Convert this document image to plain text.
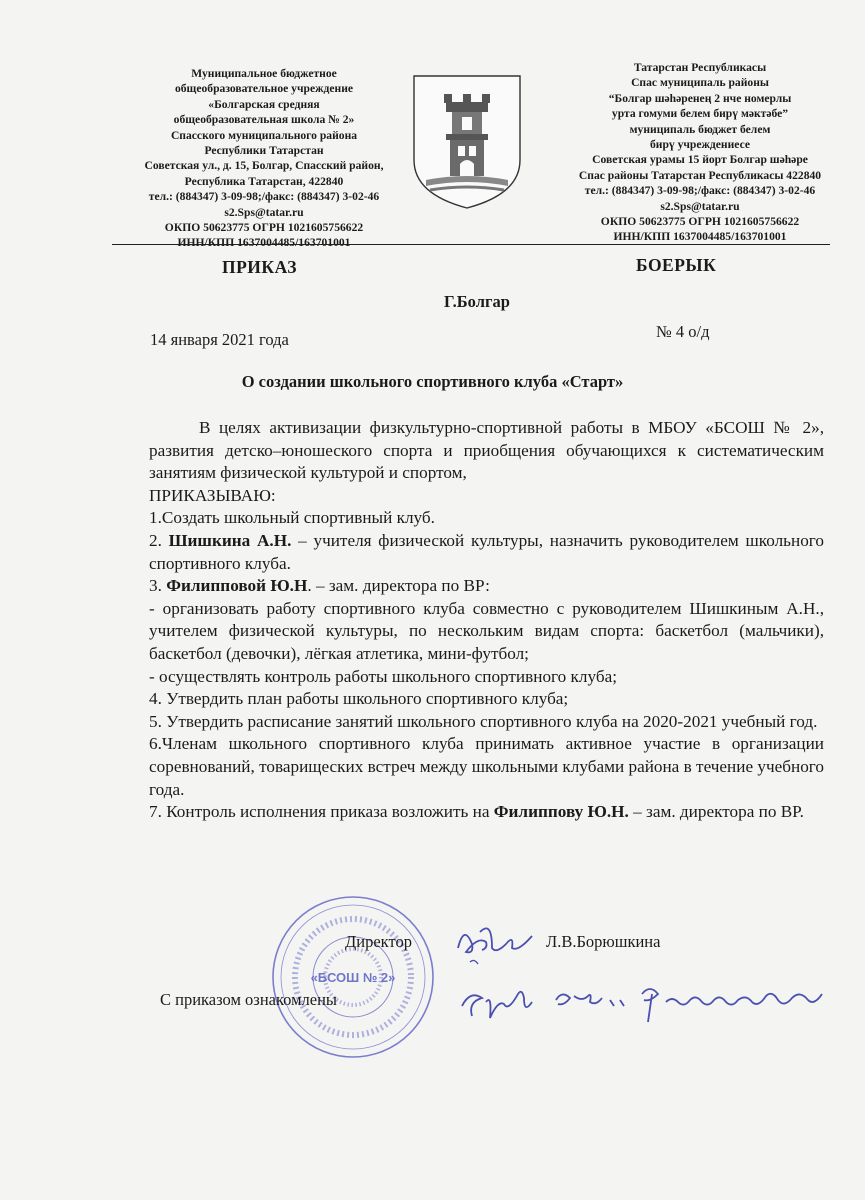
Муниципальное бюджетное
общеобразовательное учреждение
«Болгарская средняя
общеобразовательная школа № 2»
Спасского муниципального района
Республики Татарстан
Советская ул., д. 15, Болгар, Спасский район,
Республика Татарстан, 422840
тел.: (884347) 3-09-98;/факс: (884347) 3-02-46
s2.Sps@tatar.ru
ОКПО 50623775 ОГРН 1021605756622
ИНН/КПП 1637004485/163701001
Татарстан Республикасы
Спас муниципаль районы
“Болгар шәһәренең 2 нче номерлы
урта гомуми белем бирү мәктәбе”
муниципаль бюджет белем
бирү учреждениесе
Советская урамы 15 йорт Болгар шәһәре
Спас районы Татарстан Республикасы 422840
тел.: (884347) 3-09-98;/факс: (884347) 3-02-46
s2.Sps@tatar.ru
ОКПО 50623775 ОГРН 1021605756622
ИНН/КПП 1637004485/163701001
ПРИКАЗ	БОЕРЫК
Г.Болгар
14 января 2021 года	№ 4 о/д
О создании школьного спортивного клуба «Старт»

В целях активизации физкультурно-спортивной работы в МБОУ «БСОШ № 2», развития детско–юношеского спорта и приобщения обучающихся к систематическим занятиям физической культурой и спортом,

ПРИКАЗЫВАЮ:

1.Создать школьный спортивный клуб.

2. Шишкина А.Н. – учителя физической культуры, назначить руководителем школьного спортивного клуба.

3. Филипповой Ю.Н. – зам. директора по ВР:

- организовать работу спортивного клуба совместно с руководителем Шишкиным А.Н., учителем физической культуры, по нескольким видам спорта: баскетбол (мальчики), баскетбол (девочки), лёгкая атлетика, мини-футбол;

- осуществлять контроль работы школьного спортивного клуба;

4. Утвердить план работы школьного спортивного клуба;

5. Утвердить расписание занятий школьного спортивного клуба на 2020-2021 учебный год.

6.Членам школьного спортивного клуба принимать активное участие в организации соревнований, товарищеских встреч между школьными клубами района в течение учебного года.

7. Контроль исполнения приказа возложить на Филиппову Ю.Н. – зам. директора по ВР.

«БСОШ № 2»
Директор	Л.В.Борюшкина
С приказом ознакомлены
